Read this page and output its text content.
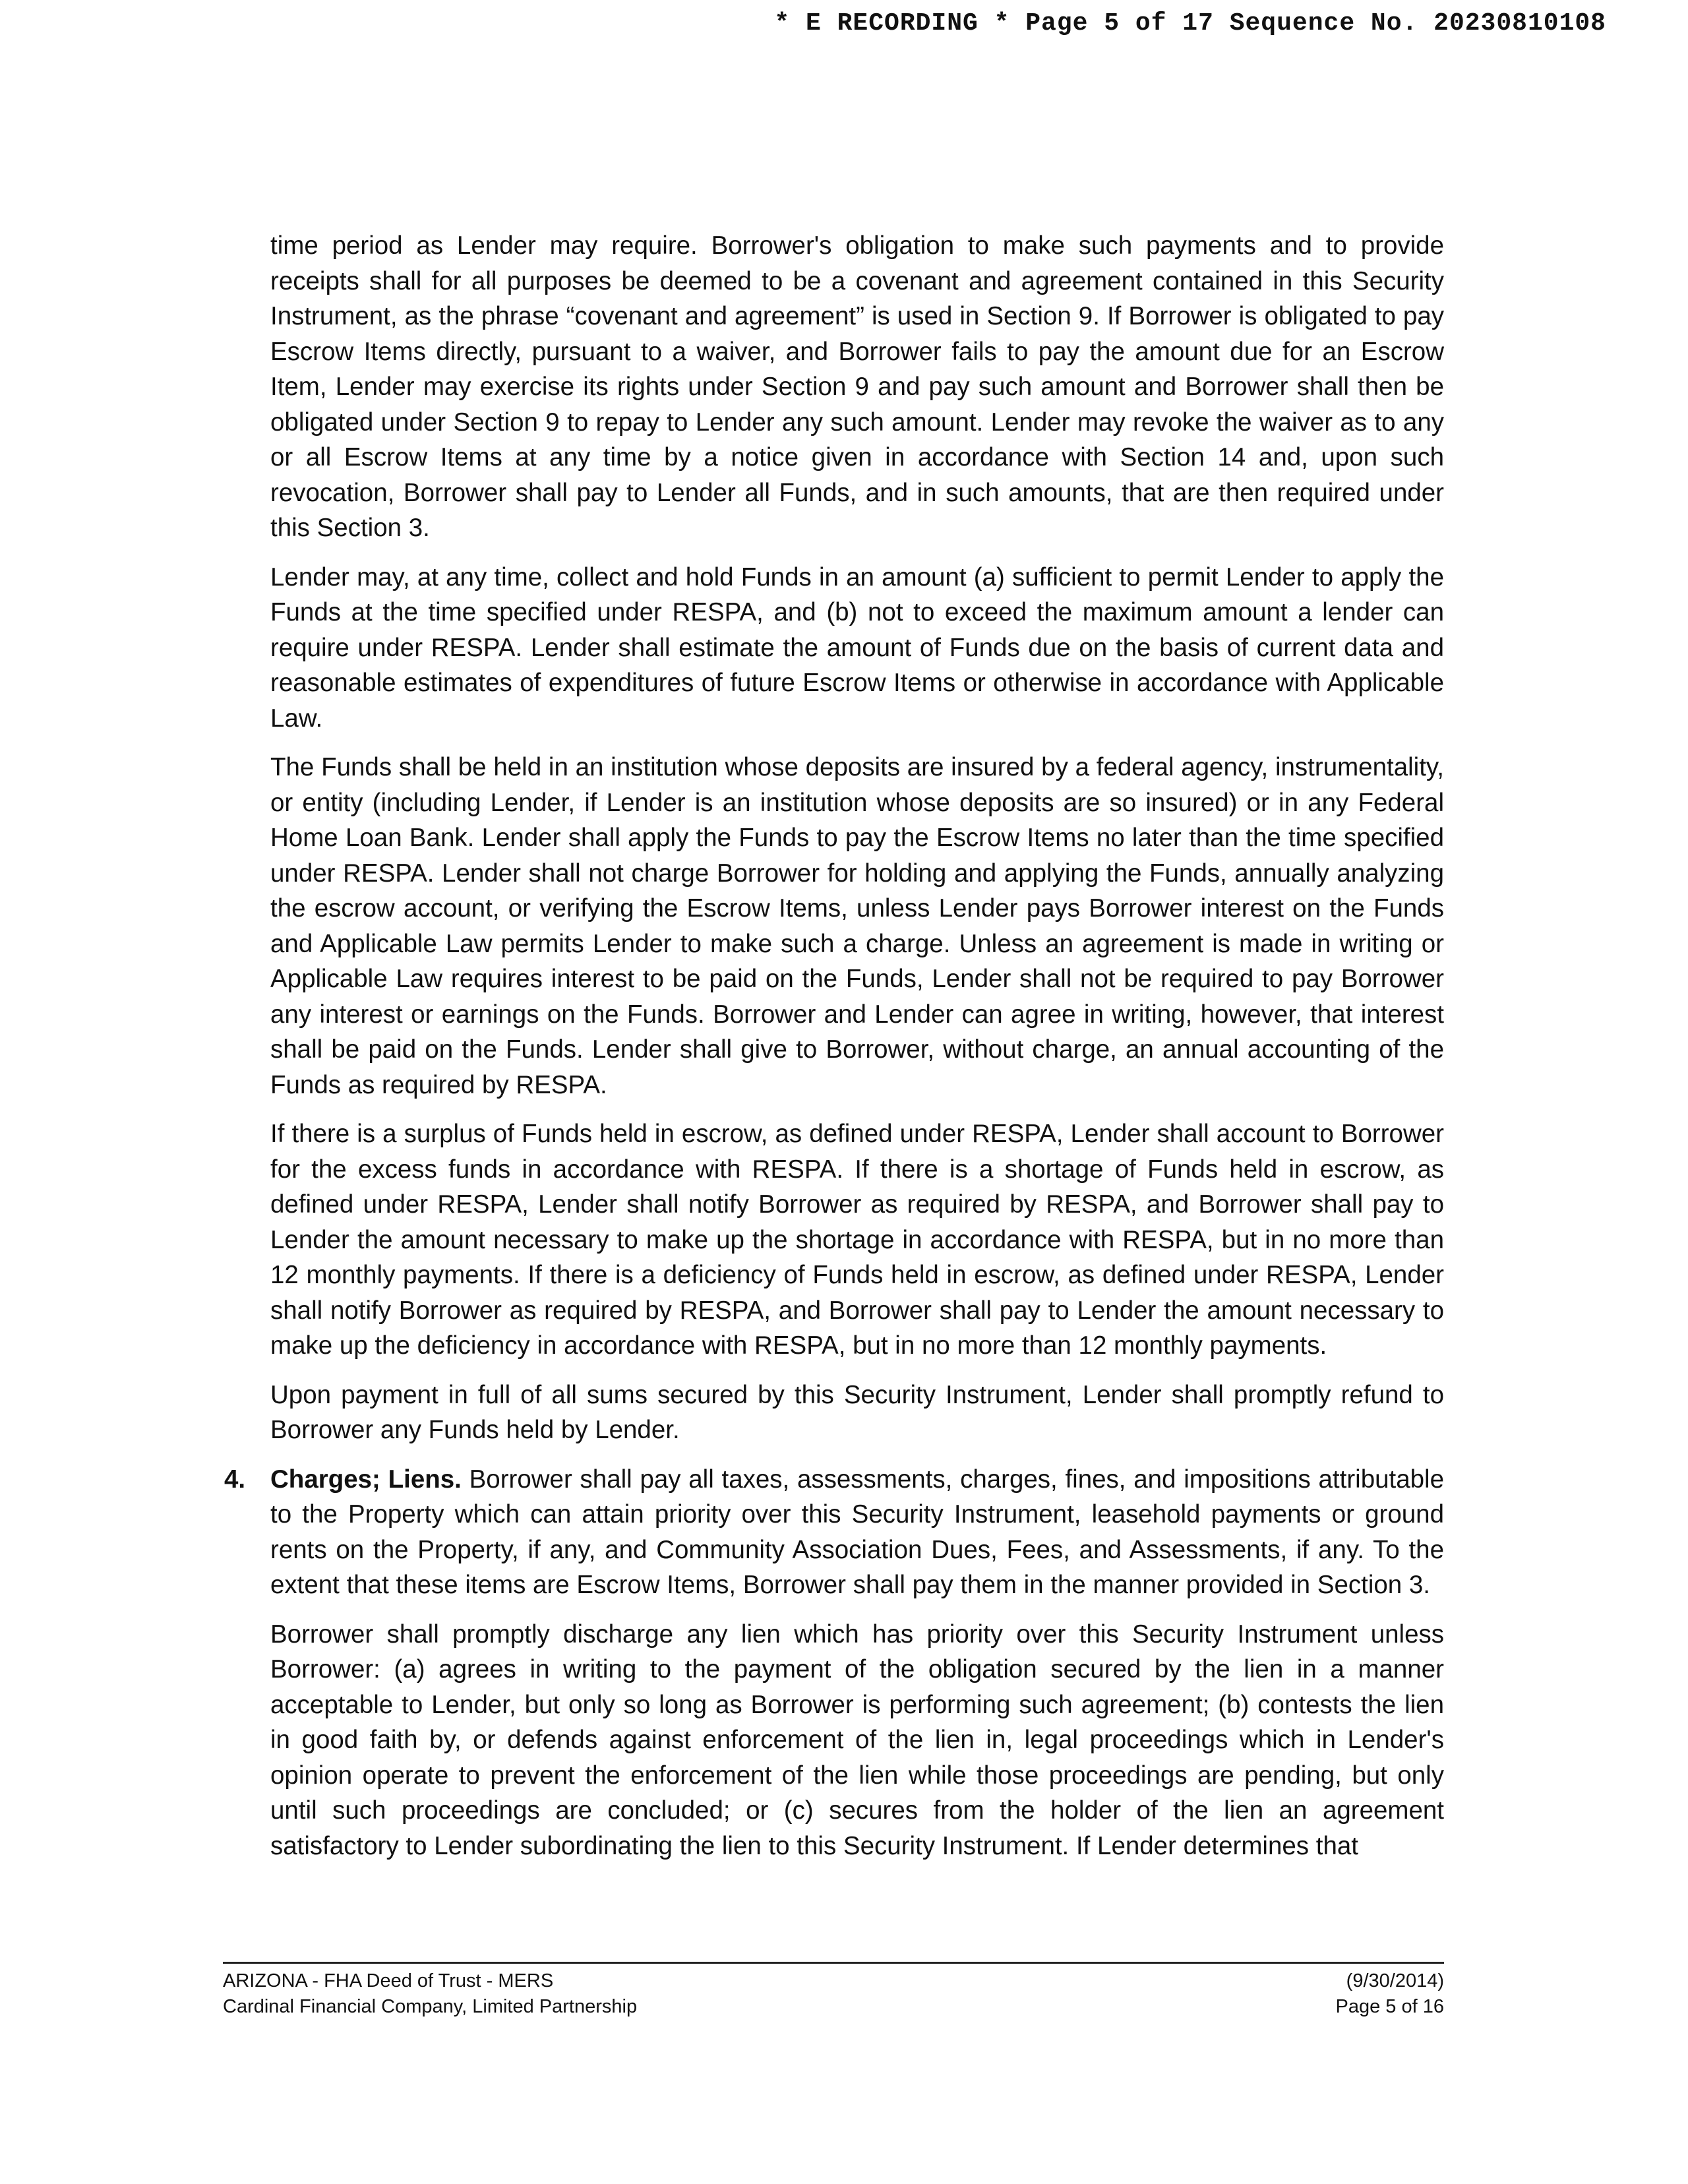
* E RECORDING * Page 5 of 17 Sequence No. 20230810108

time period as Lender may require. Borrower's obligation to make such payments and to provide receipts shall for all purposes be deemed to be a covenant and agreement contained in this Security Instrument, as the phrase “covenant and agreement” is used in Section 9. If Borrower is obligated to pay Escrow Items directly, pursuant to a waiver, and Borrower fails to pay the amount due for an Escrow Item, Lender may exercise its rights under Section 9 and pay such amount and Borrower shall then be obligated under Section 9 to repay to Lender any such amount. Lender may revoke the waiver as to any or all Escrow Items at any time by a notice given in accordance with Section 14 and, upon such revocation, Borrower shall pay to Lender all Funds, and in such amounts, that are then required under this Section 3.

Lender may, at any time, collect and hold Funds in an amount (a) sufficient to permit Lender to apply the Funds at the time specified under RESPA, and (b) not to exceed the maximum amount a lender can require under RESPA. Lender shall estimate the amount of Funds due on the basis of current data and reasonable estimates of expenditures of future Escrow Items or otherwise in accordance with Applicable Law.

The Funds shall be held in an institution whose deposits are insured by a federal agency, instrumentality, or entity (including Lender, if Lender is an institution whose deposits are so insured) or in any Federal Home Loan Bank. Lender shall apply the Funds to pay the Escrow Items no later than the time specified under RESPA. Lender shall not charge Borrower for holding and applying the Funds, annually analyzing the escrow account, or verifying the Escrow Items, unless Lender pays Borrower interest on the Funds and Applicable Law permits Lender to make such a charge. Unless an agreement is made in writing or Applicable Law requires interest to be paid on the Funds, Lender shall not be required to pay Borrower any interest or earnings on the Funds. Borrower and Lender can agree in writing, however, that interest shall be paid on the Funds. Lender shall give to Borrower, without charge, an annual accounting of the Funds as required by RESPA.

If there is a surplus of Funds held in escrow, as defined under RESPA, Lender shall account to Borrower for the excess funds in accordance with RESPA. If there is a shortage of Funds held in escrow, as defined under RESPA, Lender shall notify Borrower as required by RESPA, and Borrower shall pay to Lender the amount necessary to make up the shortage in accordance with RESPA, but in no more than 12 monthly payments. If there is a deficiency of Funds held in escrow, as defined under RESPA, Lender shall notify Borrower as required by RESPA, and Borrower shall pay to Lender the amount necessary to make up the deficiency in accordance with RESPA, but in no more than 12 monthly payments.

Upon payment in full of all sums secured by this Security Instrument, Lender shall promptly refund to Borrower any Funds held by Lender.

4. Charges; Liens. Borrower shall pay all taxes, assessments, charges, fines, and impositions attributable to the Property which can attain priority over this Security Instrument, leasehold payments or ground rents on the Property, if any, and Community Association Dues, Fees, and Assessments, if any. To the extent that these items are Escrow Items, Borrower shall pay them in the manner provided in Section 3.

Borrower shall promptly discharge any lien which has priority over this Security Instrument unless Borrower: (a) agrees in writing to the payment of the obligation secured by the lien in a manner acceptable to Lender, but only so long as Borrower is performing such agreement; (b) contests the lien in good faith by, or defends against enforcement of the lien in, legal proceedings which in Lender's opinion operate to prevent the enforcement of the lien while those proceedings are pending, but only until such proceedings are concluded; or (c) secures from the holder of the lien an agreement satisfactory to Lender subordinating the lien to this Security Instrument. If Lender determines that

ARIZONA - FHA Deed of Trust - MERS
Cardinal Financial Company, Limited Partnership
(9/30/2014)
Page 5 of 16
